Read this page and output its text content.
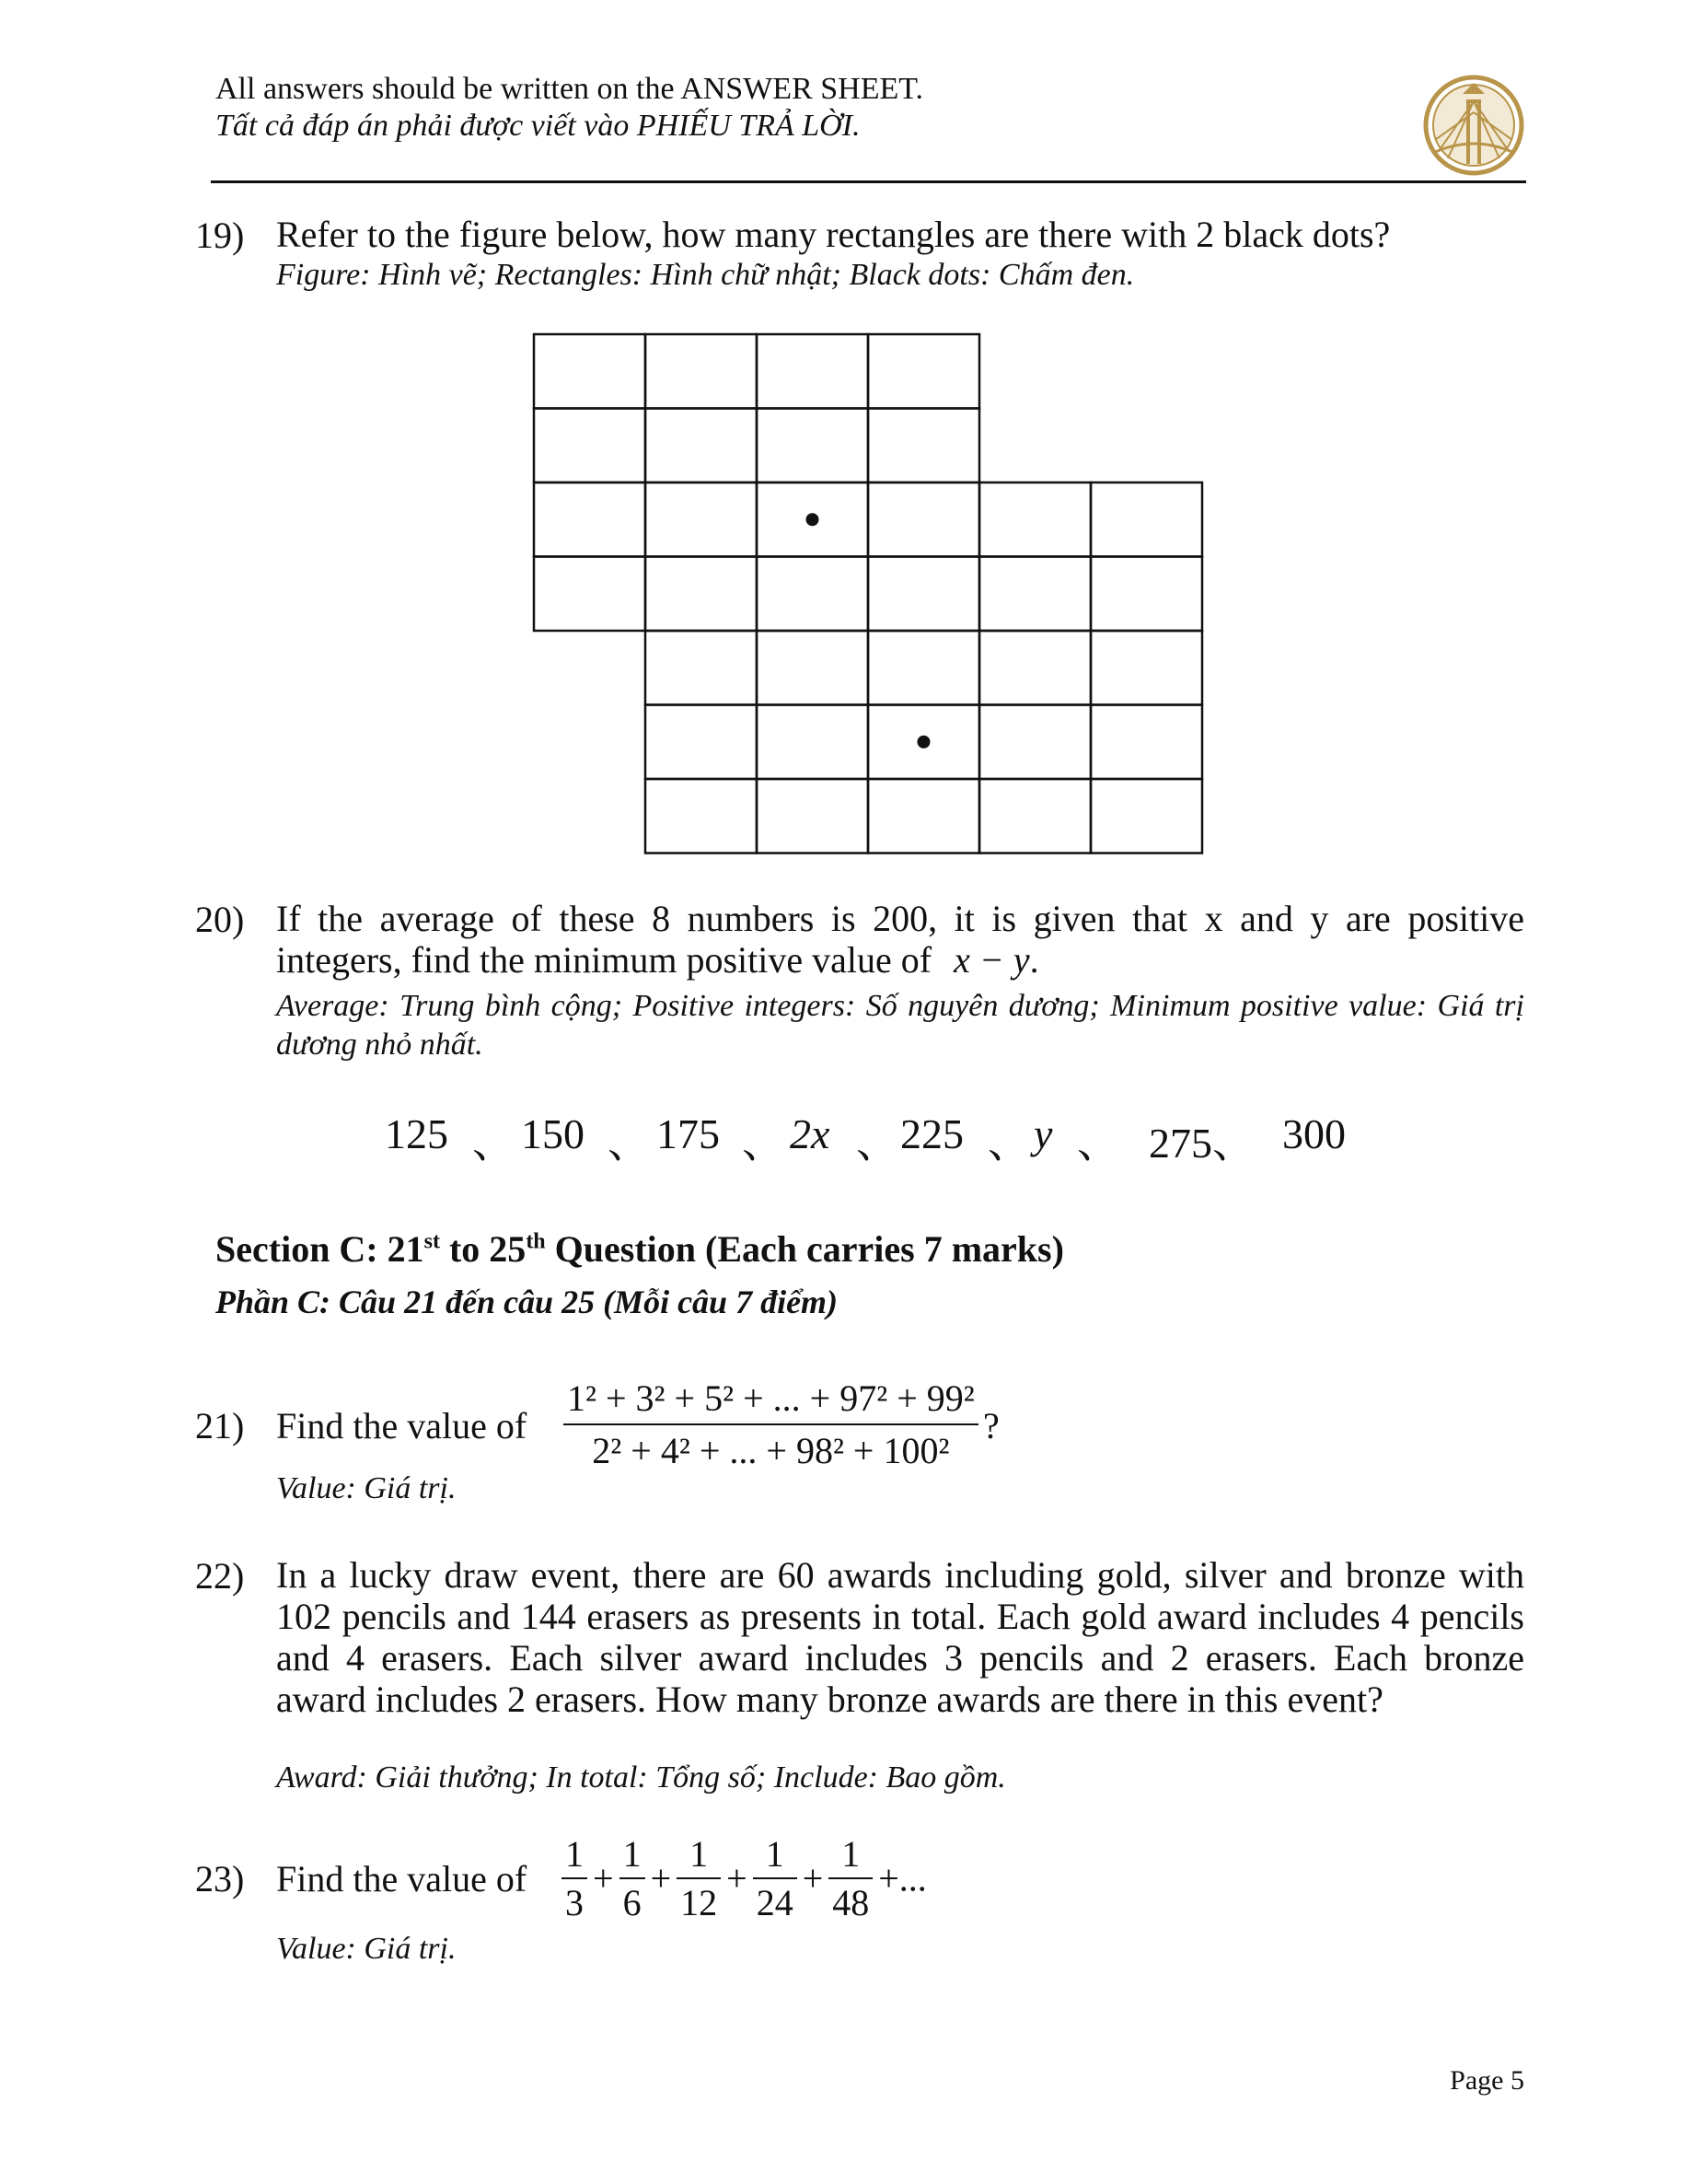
All answers should be written on the ANSWER SHEET.
Tất cả đáp án phải được viết vào PHIẾU TRẢ LỜI.
19) Refer to the figure below, how many rectangles are there with 2 black dots?
Figure: Hình vẽ; Rectangles: Hình chữ nhật; Black dots: Chấm đen.
20) If the average of these 8 numbers is 200, it is given that x and y are positive integers, find the minimum positive value of x − y.
Average: Trung bình cộng; Positive integers: Số nguyên dương; Minimum positive value: Giá trị dương nhỏ nhất.
125 、 150 、 175 、 2x 、 225 、 y 、 275、 300
Section C: 21st to 25th Question (Each carries 7 marks)
Phần C: Câu 21 đến câu 25 (Mỗi câu 7 điểm)
21) Find the value of $\frac{\text{1² + 3² + 5² + ... + 97² + 99²}}{\text{2² + 4² + ... + 98² + 100²}}$ ?
Value: Giá trị.
22) In a lucky draw event, there are 60 awards including gold, silver and bronze with 102 pencils and 144 erasers as presents in total. Each gold award includes 4 pencils and 4 erasers. Each silver award includes 3 pencils and 2 erasers. Each bronze award includes 2 erasers. How many bronze awards are there in this event?
Award: Giải thưởng; In total: Tổng số; Include: Bao gồm.
23) Find the value of $\frac{1}{3} + \frac{1}{6} + \frac{1}{12} + \frac{1}{24} + \frac{1}{48}$ +...
Value: Giá trị.
Page 5
